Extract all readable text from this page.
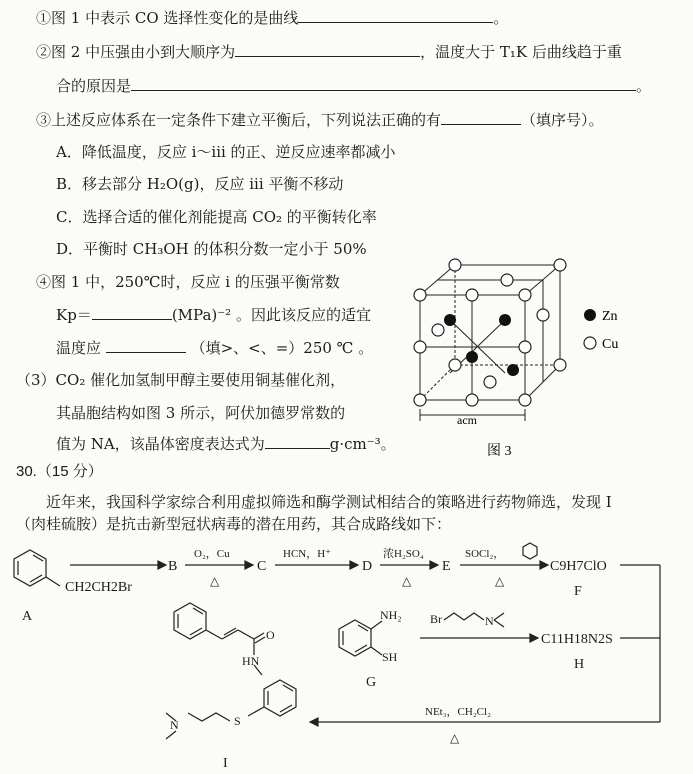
①图 1 中表示 CO 选择性变化的是曲线	。
②图 2 中压强由小到大顺序为	，温度大于 T₁K 后曲线趋于重
合的原因是	。
③上述反应体系在一定条件下建立平衡后，下列说法正确的有	（填序号）。
A．降低温度，反应 i～iii 的正、逆反应速率都减小
B．移去部分 H₂O(g)，反应 iii 平衡不移动
C．选择合适的催化剂能提高 CO₂ 的平衡转化率
D．平衡时 CH₃OH 的体积分数一定小于 50%
④图 1 中，250℃时，反应 i 的压强平衡常数
Kp＝	(MPa)⁻² 。因此该反应的适宜
温度应	（填>、<、=）250 ℃ 。
（3）CO₂ 催化加氢制甲醇主要使用铜基催化剂，
其晶胞结构如图 3 所示，阿伏加德罗常数的
值为 NA，该晶体密度表达式为	g·cm⁻³。
Zn
Cu
acm
图 3
30.（15 分）
近年来，我国科学家综合利用虚拟筛选和酶学测试相结合的策略进行药物筛选，发现 I
（肉桂硫胺）是抗击新型冠状病毒的潜在用药，其合成路线如下：
CH2CH2Br
A
B	C	D	E	C9H7ClO
F
C11H18N2S
H
G
I
NH₂
SH
Br	N
O
HN
S
N
O₂，Cu
△
HCN，H⁺	浓H₂SO₄
△
SOCl₂，
△
NEt₃，CH₂Cl₂
△
